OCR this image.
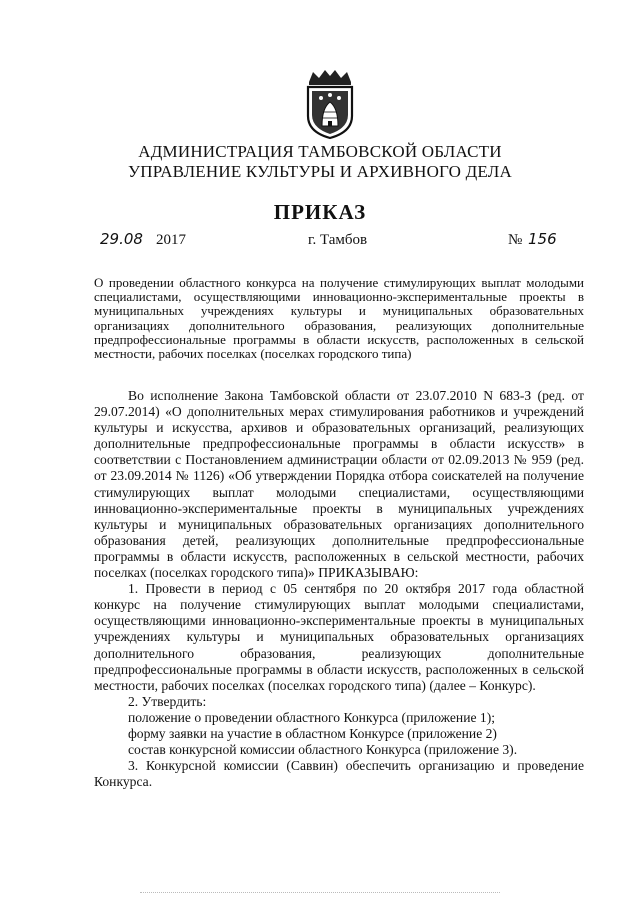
АДМИНИСТРАЦИЯ ТАМБОВСКОЙ ОБЛАСТИ
УПРАВЛЕНИЕ КУЛЬТУРЫ И АРХИВНОГО ДЕЛА
ПРИКАЗ
29.08 2017	г. Тамбов	№ 156
О проведении областного конкурса на получение стимулирующих выплат молодыми специалистами, осуществляющими инновационно-экспериментальные проекты в муниципальных учреждениях культуры и муниципальных образовательных организациях дополнительного образования, реализующих дополнительные предпрофессиональные программы в области искусств, расположенных в сельской местности, рабочих поселках (поселках городского типа)

Во исполнение Закона Тамбовской области от 23.07.2010 N 683-З (ред. от 29.07.2014) «О дополнительных мерах стимулирования работников и учреждений культуры и искусства, архивов и образовательных организаций, реализующих дополнительные предпрофессиональные программы в области искусств» в соответствии с Постановлением администрации области от 02.09.2013 № 959 (ред. от 23.09.2014 № 1126) «Об утверждении Порядка отбора соискателей на получение стимулирующих выплат молодыми специалистами, осуществляющими инновационно-экспериментальные проекты в муниципальных учреждениях культуры и муниципальных образовательных организациях дополнительного образования детей, реализующих дополнительные предпрофессиональные программы в области искусств, расположенных в сельской местности, рабочих поселках (поселках городского типа)» ПРИКАЗЫВАЮ:

1. Провести в период с 05 сентября по 20 октября 2017 года областной конкурс на получение стимулирующих выплат молодыми специалистами, осуществляющими инновационно-экспериментальные проекты в муниципальных учреждениях культуры и муниципальных образовательных организациях дополнительного образования, реализующих дополнительные предпрофессиональные программы в области искусств, расположенных в сельской местности, рабочих поселках (поселках городского типа) (далее – Конкурс).

2. Утвердить:

положение о проведении областного Конкурса (приложение 1);

форму заявки на участие в областном Конкурсе (приложение 2)

состав конкурсной комиссии областного Конкурса (приложение 3).

3. Конкурсной комиссии (Саввин) обеспечить организацию и проведение Конкурса.
